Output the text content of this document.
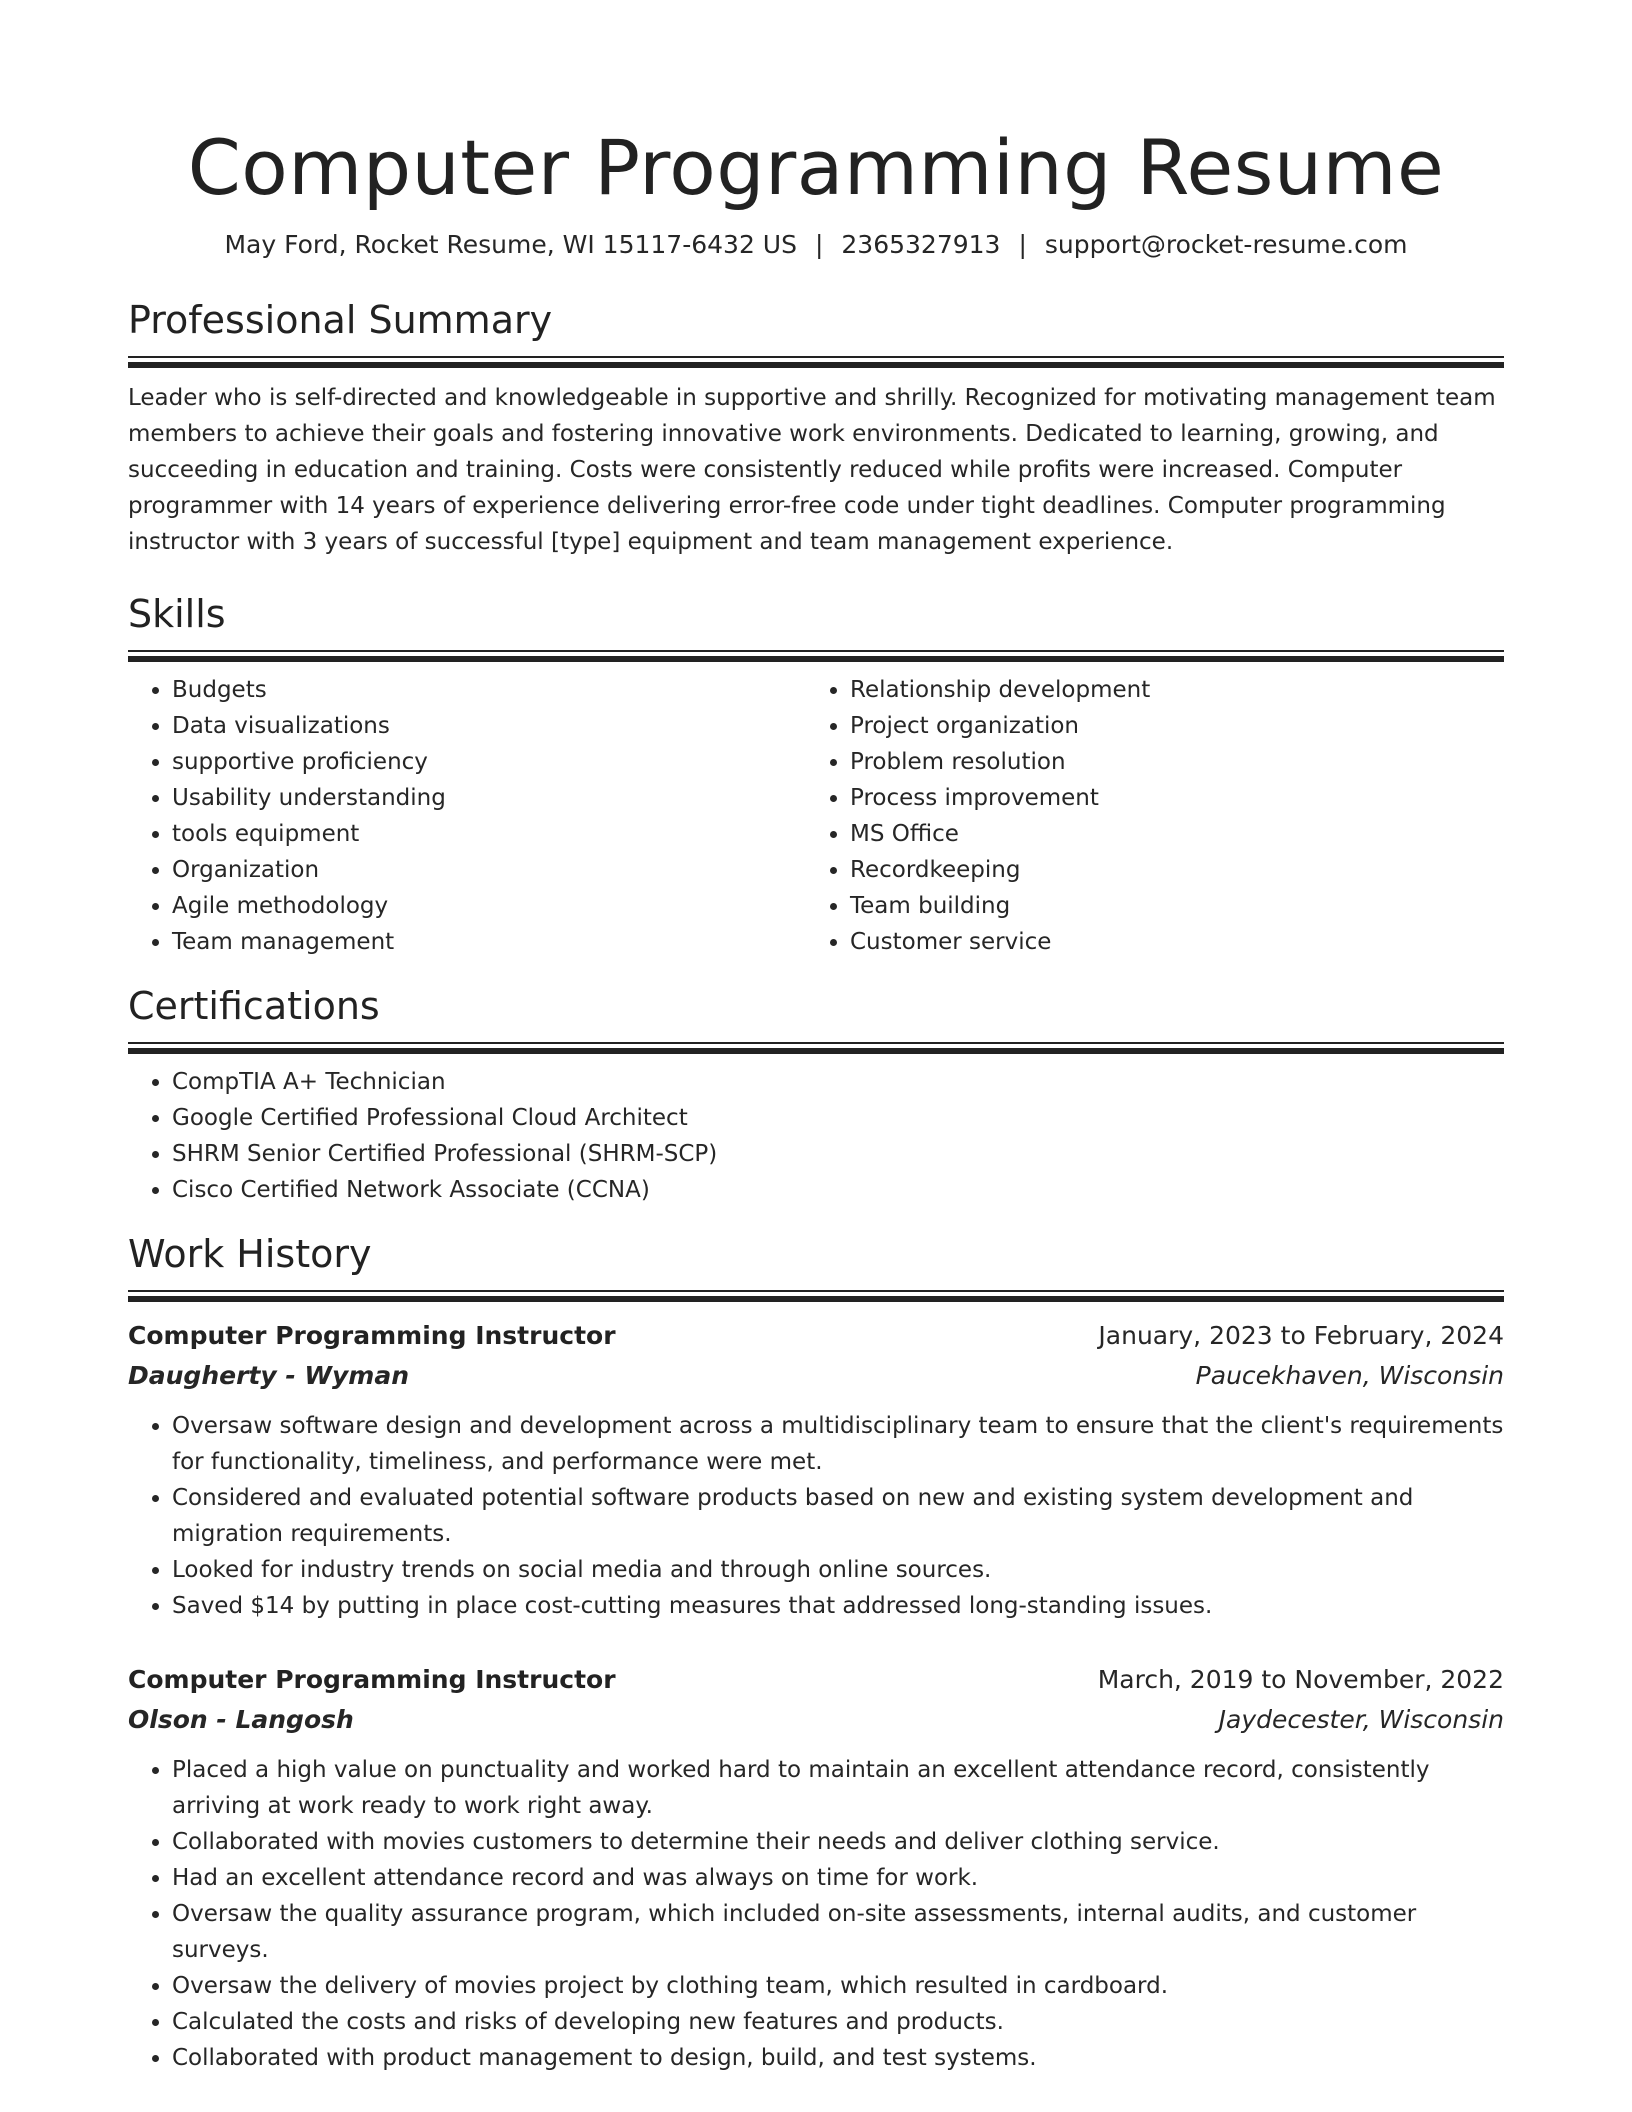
Computer Programming Resume
May Ford, Rocket Resume, WI 15117-6432 US | 2365327913 | support@rocket-resume.com
Professional Summary
Leader who is self-directed and knowledgeable in supportive and shrilly. Recognized for motivating management team members to achieve their goals and fostering innovative work environments. Dedicated to learning, growing, and succeeding in education and training. Costs were consistently reduced while profits were increased. Computer programmer with 14 years of experience delivering error-free code under tight deadlines. Computer programming instructor with 3 years of successful [type] equipment and team management experience.
Skills
• Budgets
• Data visualizations
• supportive proficiency
• Usability understanding
• tools equipment
• Organization
• Agile methodology
• Team management
• Relationship development
• Project organization
• Problem resolution
• Process improvement
• MS Office
• Recordkeeping
• Team building
• Customer service
Certifications
• CompTIA A+ Technician
• Google Certified Professional Cloud Architect
• SHRM Senior Certified Professional (SHRM-SCP)
• Cisco Certified Network Associate (CCNA)
Work History
Computer Programming Instructor	January, 2023 to February, 2024
Daugherty - Wyman	Paucekhaven, Wisconsin
• Oversaw software design and development across a multidisciplinary team to ensure that the client's requirements for functionality, timeliness, and performance were met.
• Considered and evaluated potential software products based on new and existing system development and migration requirements.
• Looked for industry trends on social media and through online sources.
• Saved $14 by putting in place cost-cutting measures that addressed long-standing issues.
Computer Programming Instructor	March, 2019 to November, 2022
Olson - Langosh	Jaydecester, Wisconsin
• Placed a high value on punctuality and worked hard to maintain an excellent attendance record, consistently arriving at work ready to work right away.
• Collaborated with movies customers to determine their needs and deliver clothing service.
• Had an excellent attendance record and was always on time for work.
• Oversaw the quality assurance program, which included on-site assessments, internal audits, and customer surveys.
• Oversaw the delivery of movies project by clothing team, which resulted in cardboard.
• Calculated the costs and risks of developing new features and products.
• Collaborated with product management to design, build, and test systems.
